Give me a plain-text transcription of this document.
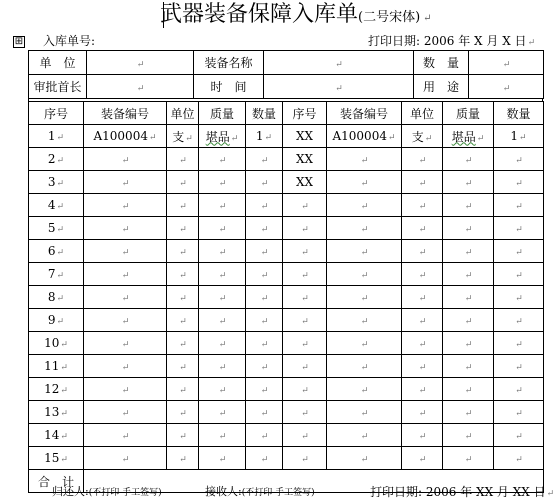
武器装备保障入库单(二号宋体) ↵
⊞ 入库单号:	打印日期: 2006 年 X 月 X 日↵
单　位	↵	装备名称	↵	数　量	↵
审批首长	↵	时　间	↵	用　途	↵
序号	装备编号	单位	质量	数量	序号	装备编号	单位	质量	数量
1↵	A100004↵	支↵	堪品↵	1↵	XX	A100004↵	支↵	堪品↵	1↵
2↵	↵	↵	↵	↵	XX	↵	↵	↵	↵
3↵	↵	↵	↵	↵	XX	↵	↵	↵	↵
4↵	↵	↵	↵	↵	↵	↵	↵	↵	↵
5↵	↵	↵	↵	↵	↵	↵	↵	↵	↵
6↵	↵	↵	↵	↵	↵	↵	↵	↵	↵
7↵	↵	↵	↵	↵	↵	↵	↵	↵	↵
8↵	↵	↵	↵	↵	↵	↵	↵	↵	↵
9↵	↵	↵	↵	↵	↵	↵	↵	↵	↵
10↵	↵	↵	↵	↵	↵	↵	↵	↵	↵
11↵	↵	↵	↵	↵	↵	↵	↵	↵	↵
12↵	↵	↵	↵	↵	↵	↵	↵	↵	↵
13↵	↵	↵	↵	↵	↵	↵	↵	↵	↵
14↵	↵	↵	↵	↵	↵	↵	↵	↵	↵
15↵	↵	↵	↵	↵	↵	↵	↵	↵	↵
合　计									
归还人:(不打印 手工签写)	接收人:(不打印 手工签写)	打印日期: 2006 年 XX 月 XX 日↵
